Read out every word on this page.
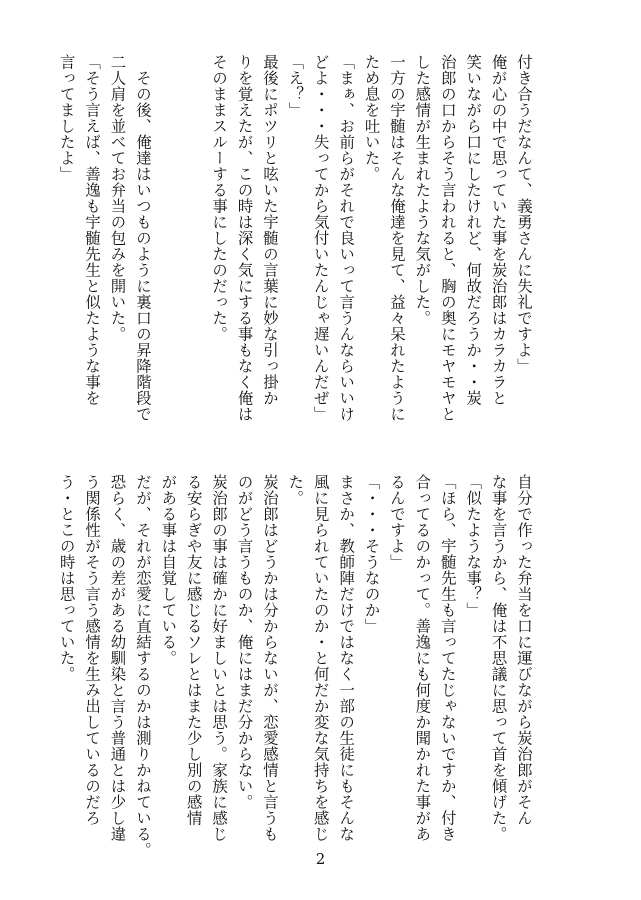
付き合うだなんて、義勇さんに失礼ですよ」
俺が心の中で思っていた事を炭治郎はカラカラと
笑いながら口にしたけれど、何故だろうか・・炭
治郎の口からそう言われると、胸の奥にモヤモヤと
した感情が生まれたような気がした。
一方の宇髄はそんな俺達を見て、益々呆れたように
ため息を吐いた。
「まぁ、お前らがそれで良いって言うんならいいけ
どよ・・・失ってから気付いたんじゃ遅いんだぜ」
「え？」
最後にポツリと呟いた宇髄の言葉に妙な引っ掛か
りを覚えたが、この時は深く気にする事もなく俺は
そのままスルーする事にしたのだった。

　その後、俺達はいつものように裏口の昇降階段で
二人肩を並べてお弁当の包みを開いた。
「そう言えば、善逸も宇髄先生と似たような事を
言ってましたよ」
自分で作った弁当を口に運びながら炭治郎がそん
な事を言うから、俺は不思議に思って首を傾げた。
「似たような事？」
「ほら、宇髄先生も言ってたじゃないですか、付き
合ってるのかって。善逸にも何度か聞かれた事があ
るんですよ」
「・・・そうなのか」
まさか、教師陣だけではなく一部の生徒にもそんな
風に見られていたのか・と何だか変な気持ちを感じ
た。
炭治郎はどうかは分からないが、恋愛感情と言うも
のがどう言うものか、俺にはまだ分からない。
炭治郎の事は確かに好ましいとは思う。家族に感じ
る安らぎや友に感じるソレとはまた少し別の感情
がある事は自覚している。
だが、それが恋愛に直結するのかは測りかねている。
恐らく、歳の差がある幼馴染と言う普通とは少し違
う関係性がそう言う感情を生み出しているのだろ
う・とこの時は思っていた。
2
